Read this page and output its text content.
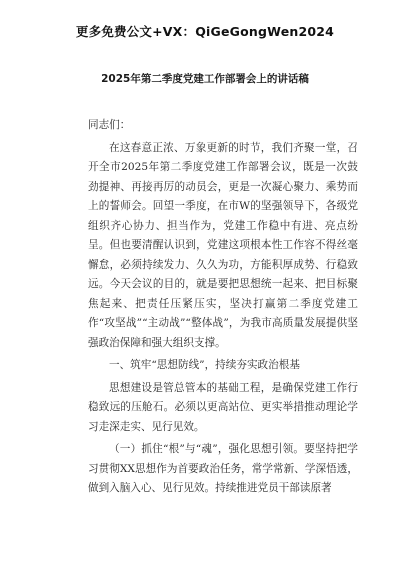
更多免费公文+VX：QiGeGongWen2024
2025年第二季度党建工作部署会上的讲话稿

同志们：

在这春意正浓、万象更新的时节，我们齐聚一堂，召开全市2025年第二季度党建工作部署会议，既是一次鼓劲提神、再接再厉的动员会，更是一次凝心聚力、乘势而上的誓师会。回望一季度，在市W的坚强领导下，各级党组织齐心协力、担当作为，党建工作稳中有进、亮点纷呈。但也要清醒认识到，党建这项根本性工作容不得丝毫懈怠，必须持续发力、久久为功，方能积厚成势、行稳致远。今天会议的目的，就是要把思想统一起来、把目标聚焦起来、把责任压紧压实，坚决打赢第二季度党建工作“攻坚战”“主动战”“整体战”，为我市高质量发展提供坚强政治保障和强大组织支撑。

一、筑牢“思想防线”，持续夯实政治根基

思想建设是管总管本的基础工程，是确保党建工作行稳致远的压舱石。必须以更高站位、更实举措推动理论学习走深走实、见行见效。

（一）抓住“根”与“魂”，强化思想引领。要坚持把学习贯彻XX思想作为首要政治任务，常学常新、学深悟透，做到入脑入心、见行见效。持续推进党员干部读原著
